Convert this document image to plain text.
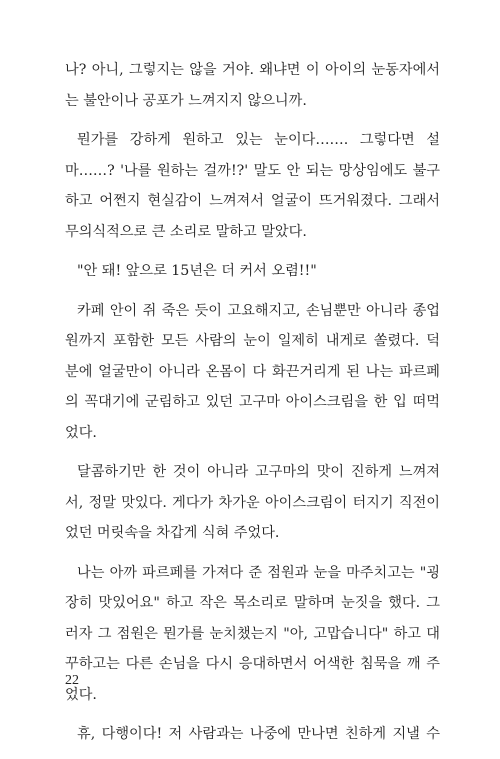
나? 아니, 그렇지는 않을 거야. 왜냐면 이 아이의 눈동자에서
는 불안이나 공포가 느껴지지 않으니까.

뭔가를 강하게 원하고 있는 눈이다……. 그렇다면 설
마……? '나를 원하는 걸까!?' 말도 안 되는 망상임에도 불구
하고 어쩐지 현실감이 느껴져서 얼굴이 뜨거워졌다. 그래서
무의식적으로 큰 소리로 말하고 말았다.

"안 돼! 앞으로 15년은 더 커서 오렴!!"

카페 안이 쥐 죽은 듯이 고요해지고, 손님뿐만 아니라 종업
원까지 포함한 모든 사람의 눈이 일제히 내게로 쏠렸다. 덕
분에 얼굴만이 아니라 온몸이 다 화끈거리게 된 나는 파르페
의 꼭대기에 군림하고 있던 고구마 아이스크림을 한 입 떠먹
었다.

달콤하기만 한 것이 아니라 고구마의 맛이 진하게 느껴져
서, 정말 맛있다. 게다가 차가운 아이스크림이 터지기 직전이
었던 머릿속을 차갑게 식혀 주었다.

나는 아까 파르페를 가져다 준 점원과 눈을 마주치고는 "굉
장히 맛있어요" 하고 작은 목소리로 말하며 눈짓을 했다. 그
러자 그 점원은 뭔가를 눈치챘는지 "아, 고맙습니다" 하고 대
꾸하고는 다른 손님을 다시 응대하면서 어색한 침묵을 깨 주
었다.

휴, 다행이다! 저 사람과는 나중에 만나면 친하게 지낼 수

22
